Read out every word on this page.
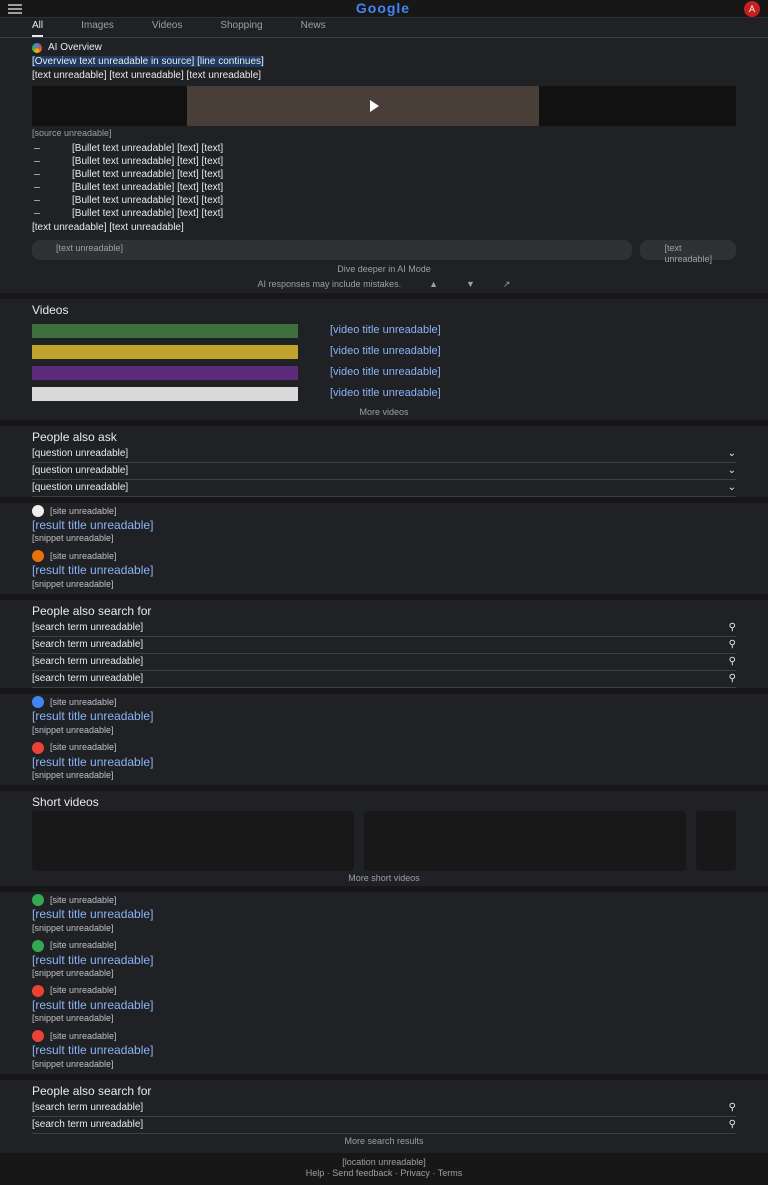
Google	A
All	Images	Videos	Shopping	News
AI Overview
[Overview text unreadable in source] [line continues]
[text unreadable] [text unreadable] [text unreadable]
[source unreadable]
[Bullet text unreadable] [text] [text]
[Bullet text unreadable] [text] [text]
[Bullet text unreadable] [text] [text]
[Bullet text unreadable] [text] [text]
[Bullet text unreadable] [text] [text]
[Bullet text unreadable] [text] [text]
[text unreadable] [text unreadable]
[text unreadable]	[text unreadable]
Dive deeper in AI Mode
AI responses may include mistakes.	▲	▼	↗
Videos
[video title unreadable]
[video title unreadable]
[video title unreadable]
[video title unreadable]
More videos
People also ask
[question unreadable]	⌄
[question unreadable]	⌄
[question unreadable]	⌄
[site unreadable]
[result title unreadable]
[snippet unreadable]
[site unreadable]
[result title unreadable]
[snippet unreadable]
People also search for
[search term unreadable]	⚲
[search term unreadable]	⚲
[search term unreadable]	⚲
[search term unreadable]	⚲
[site unreadable]
[result title unreadable]
[snippet unreadable]
[site unreadable]
[result title unreadable]
[snippet unreadable]
Short videos
More short videos
[site unreadable]
[result title unreadable]
[snippet unreadable]
[site unreadable]
[result title unreadable]
[snippet unreadable]
[site unreadable]
[result title unreadable]
[snippet unreadable]
[site unreadable]
[result title unreadable]
[snippet unreadable]
People also search for
[search term unreadable]	⚲
[search term unreadable]	⚲
More search results
[location unreadable]
Help · Send feedback · Privacy · Terms
